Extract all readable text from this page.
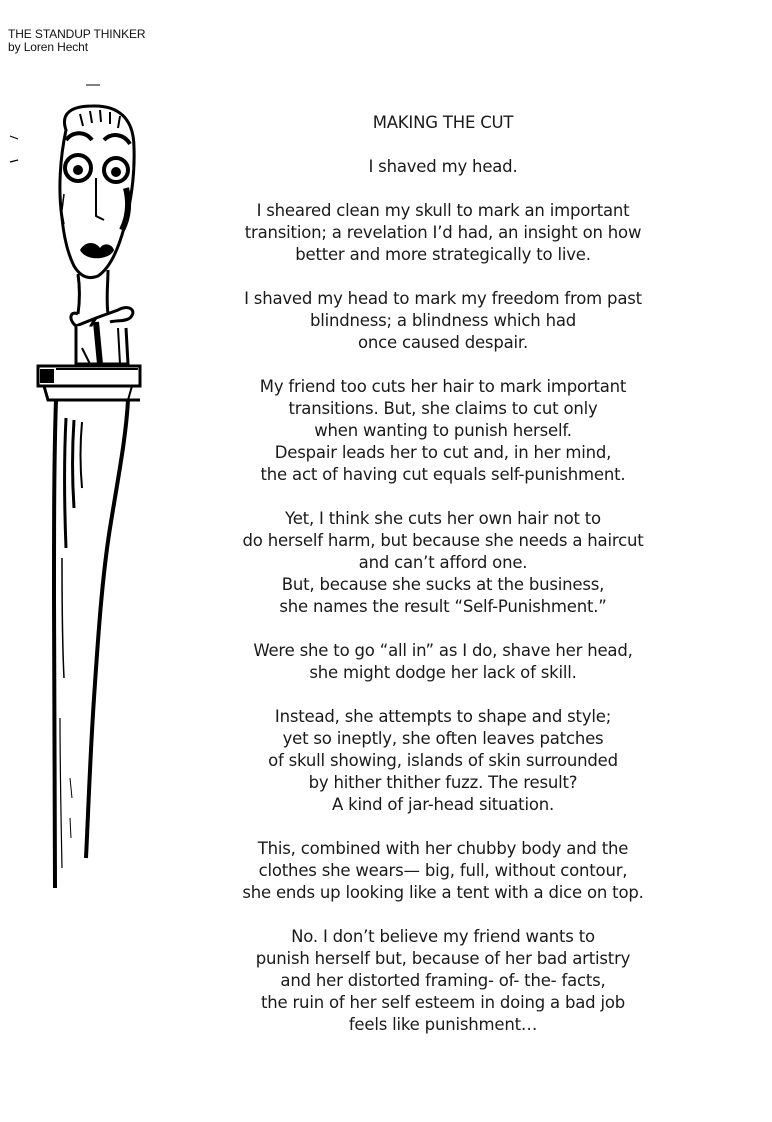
THE STANDUP THINKER
by Loren Hecht
MAKING THE CUT
I shaved my head.
I sheared clean my skull to mark an important
transition; a revelation I’d had, an insight on how
better and more strategically to live.
I shaved my head to mark my freedom from past
blindness; a blindness which had
once caused despair.
My friend too cuts her hair to mark important
transitions. But, she claims to cut only
when wanting to punish herself.
Despair leads her to cut and, in her mind,
the act of having cut equals self-punishment.
Yet, I think she cuts her own hair not to
do herself harm, but because she needs a haircut
and can’t afford one.
But, because she sucks at the business,
she names the result “Self-Punishment.”
Were she to go “all in” as I do, shave her head,
she might dodge her lack of skill.
Instead, she attempts to shape and style;
yet so ineptly, she often leaves patches
of skull showing, islands of skin surrounded
by hither thither fuzz. The result?
A kind of jar-head situation.
This, combined with her chubby body and the
clothes she wears— big, full, without contour,
she ends up looking like a tent with a dice on top.
No. I don’t believe my friend wants to
punish herself but, because of her bad artistry
and her distorted framing- of- the- facts,
the ruin of her self esteem in doing a bad job
feels like punishment…
